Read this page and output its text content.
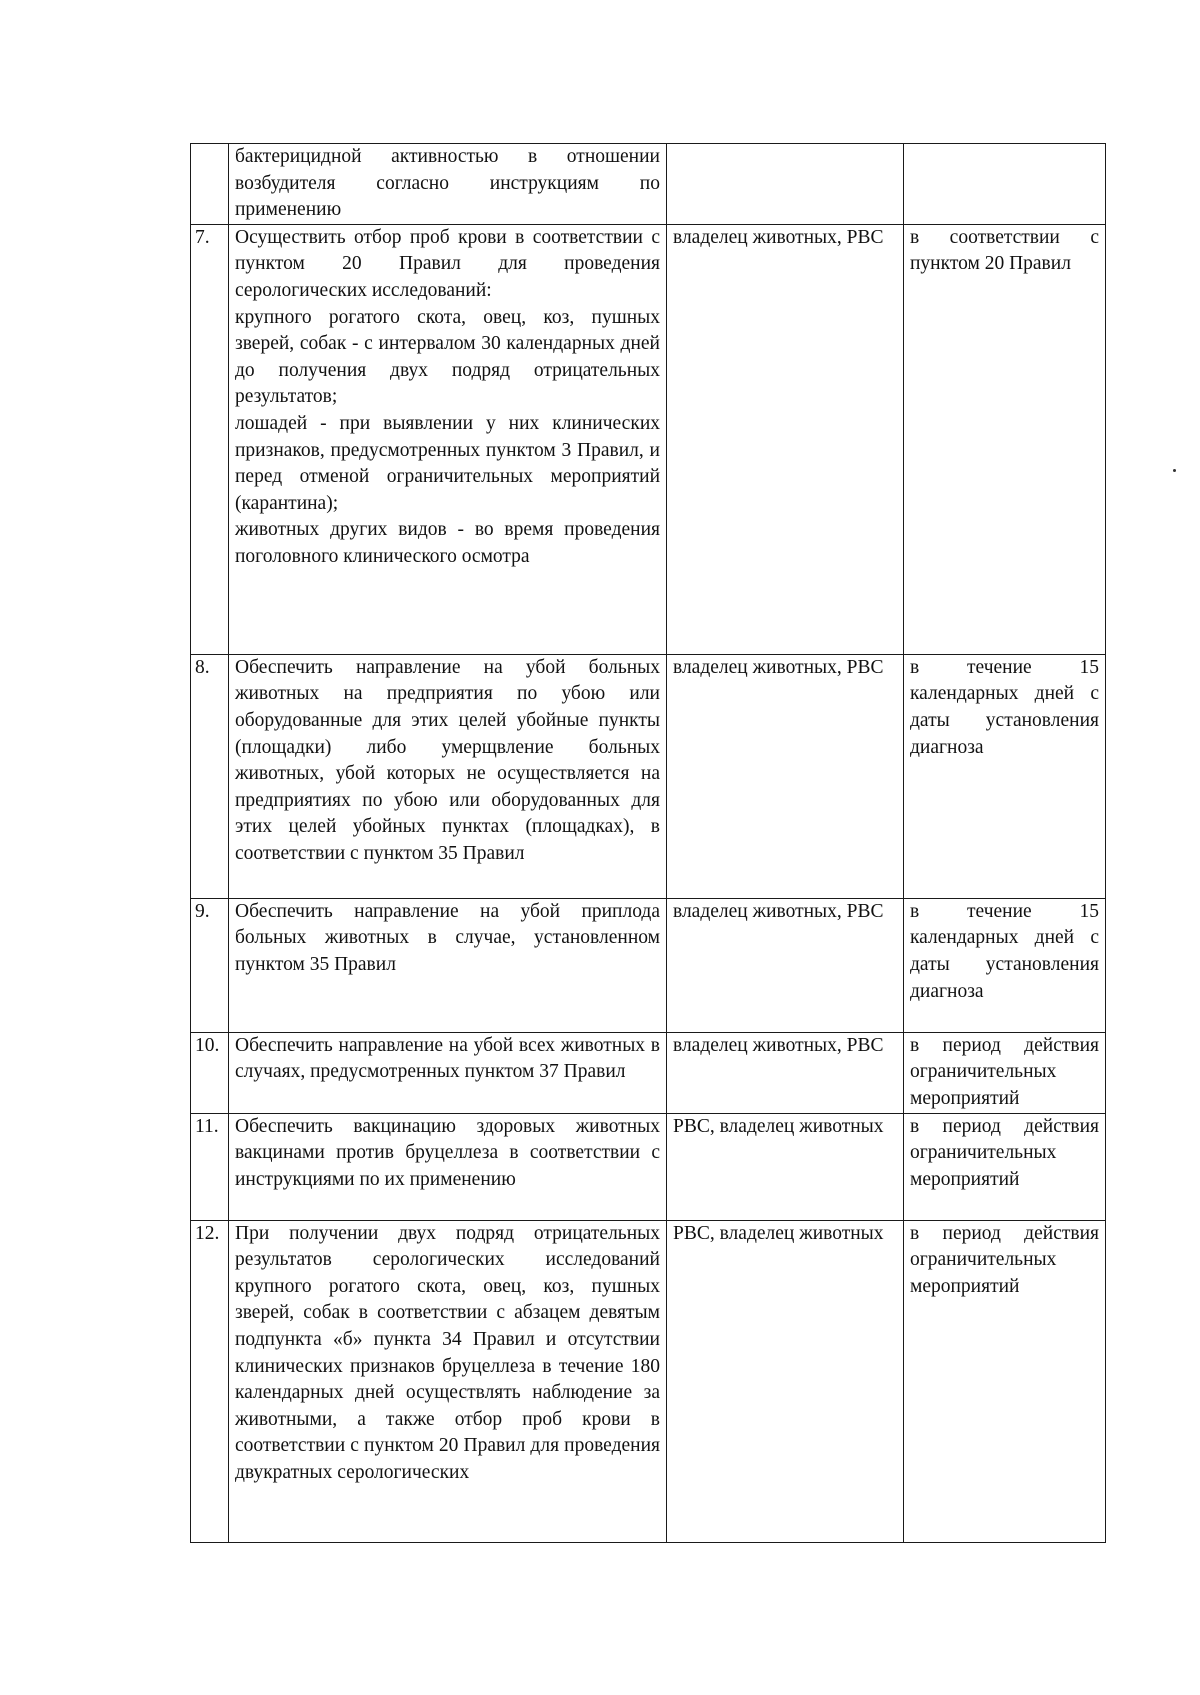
	бактерицидной активностью в отношении возбудителя согласно инструкциям по применению		
7.	Осуществить отбор проб крови в соответствии с пунктом 20 Правил для проведения серологических исследований:
крупного рогатого скота, овец, коз, пушных зверей, собак - с интервалом 30 календарных дней до получения двух подряд отрицательных результатов;
лошадей - при выявлении у них клинических признаков, предусмотренных пунктом 3 Правил, и перед отменой ограничительных мероприятий (карантина);
животных других видов - во время проведения поголовного клинического осмотра	владелец животных, РВС	в соответствии с пунктом 20 Правил
8.	Обеспечить направление на убой больных животных на предприятия по убою или оборудованные для этих целей убойные пункты (площадки) либо умерщвление больных животных, убой которых не осуществляется на предприятиях по убою или оборудованных для этих целей убойных пунктах (площадках), в соответствии с пунктом 35 Правил	владелец животных, РВС	в течение 15 календарных дней с даты установления диагноза
9.	Обеспечить направление на убой приплода больных животных в случае, установленном пунктом 35 Правил	владелец животных, РВС	в течение 15 календарных дней с даты установления диагноза
10.	Обеспечить направление на убой всех животных в случаях, предусмотренных пунктом 37 Правил	владелец животных, РВС	в период действия ограничительных мероприятий
11.	Обеспечить вакцинацию здоровых животных вакцинами против бруцеллеза в соответствии с инструкциями по их применению	РВС, владелец животных	в период действия ограничительных мероприятий
12.	При получении двух подряд отрицательных результатов серологических исследований крупного рогатого скота, овец, коз, пушных зверей, собак в соответствии с абзацем девятым подпункта «б» пункта 34 Правил и отсутствии клинических признаков бруцеллеза в течение 180 календарных дней осуществлять наблюдение за животными, а также отбор проб крови в соответствии с пунктом 20 Правил для проведения двукратных серологических	РВС, владелец животных	в период действия ограничительных мероприятий
